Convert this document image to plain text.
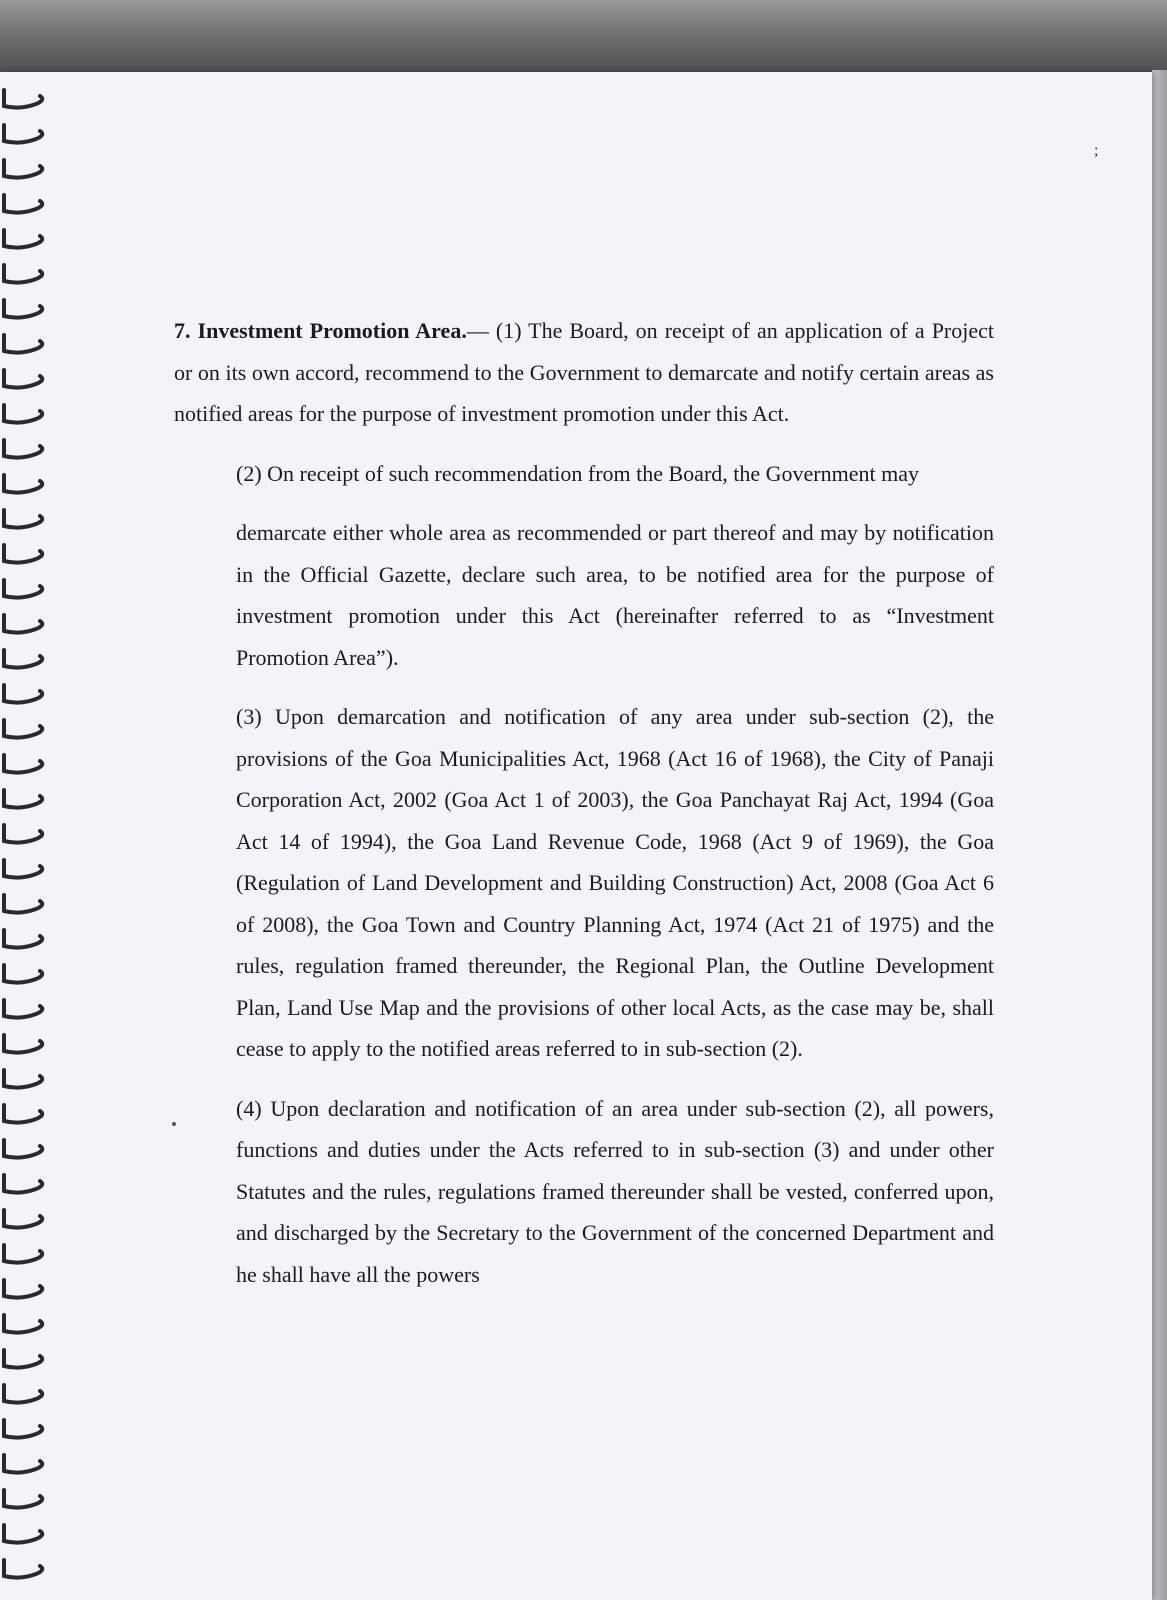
;

7. Investment Promotion Area.— (1) The Board, on receipt of an application of a Project or on its own accord, recommend to the Government to demarcate and notify certain areas as notified areas for the purpose of investment promotion under this Act.

(2) On receipt of such recommendation from the Board, the Government may

demarcate either whole area as recommended or part thereof and may by notification in the Official Gazette, declare such area, to be notified area for the purpose of investment promotion under this Act (hereinafter referred to as “Investment Promotion Area”).

(3) Upon demarcation and notification of any area under sub-section (2), the provisions of the Goa Municipalities Act, 1968 (Act 16 of 1968), the City of Panaji Corporation Act, 2002 (Goa Act 1 of 2003), the Goa Panchayat Raj Act, 1994 (Goa Act 14 of 1994), the Goa Land Revenue Code, 1968 (Act 9 of 1969), the Goa (Regulation of Land Development and Building Construction) Act, 2008 (Goa Act 6 of 2008), the Goa Town and Country Planning Act, 1974 (Act 21 of 1975) and the rules, regulation framed thereunder, the Regional Plan, the Outline Development Plan, Land Use Map and the provisions of other local Acts, as the case may be, shall cease to apply to the notified areas referred to in sub-section (2).

(4) Upon declaration and notification of an area under sub-section (2), all powers, functions and duties under the Acts referred to in sub-section (3) and under other Statutes and the rules, regulations framed thereunder shall be vested, conferred upon, and discharged by the Secretary to the Government of the concerned Department and he shall have all the powers
